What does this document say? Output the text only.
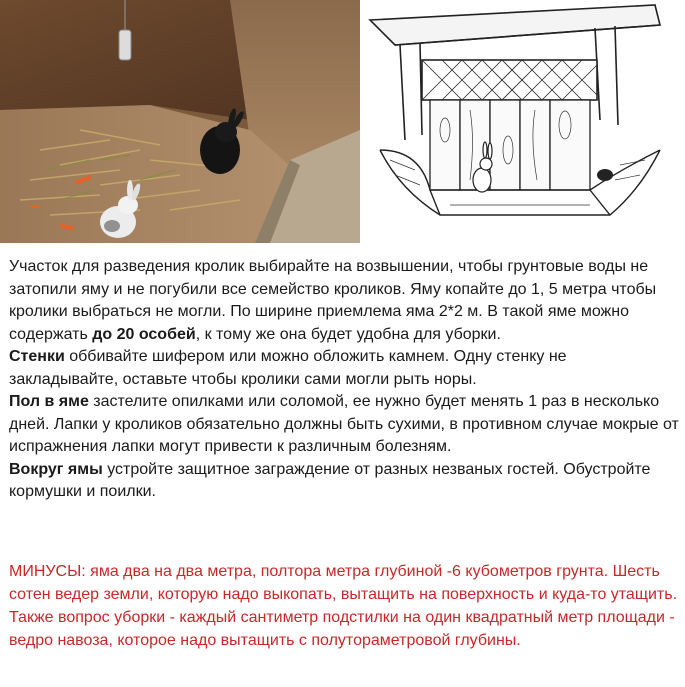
Участок для разведения кролик выбирайте на возвышении, чтобы грунтовые воды не затопили яму и не погубили все семейство кроликов. Яму копайте до 1, 5 метра чтобы кролики выбраться не могли. По ширине приемлема яма 2*2 м. В такой яме можно содержать до 20 особей, к тому же она будет удобна для уборки.

Стенки оббивайте шифером или можно обложить камнем. Одну стенку не закладывайте, оставьте чтобы кролики сами могли рыть норы.

Пол в яме застелите опилками или соломой, ее нужно будет менять 1 раз в несколько дней. Лапки у кроликов обязательно должны быть сухими, в противном случае мокрые от испражнения лапки могут привести к различным болезням.

Вокруг ямы устройте защитное заграждение от разных незваных гостей. Обустройте кормушки и поилки.

МИНУСЫ: яма два на два метра, полтора метра глубиной -6 кубометров грунта. Шесть сотен ведер земли, которую надо выкопать, вытащить на поверхность и куда-то утащить. Также вопрос уборки - каждый сантиметр подстилки на один квадратный метр площади - ведро навоза, которое надо вытащить с полутораметровой глубины.
